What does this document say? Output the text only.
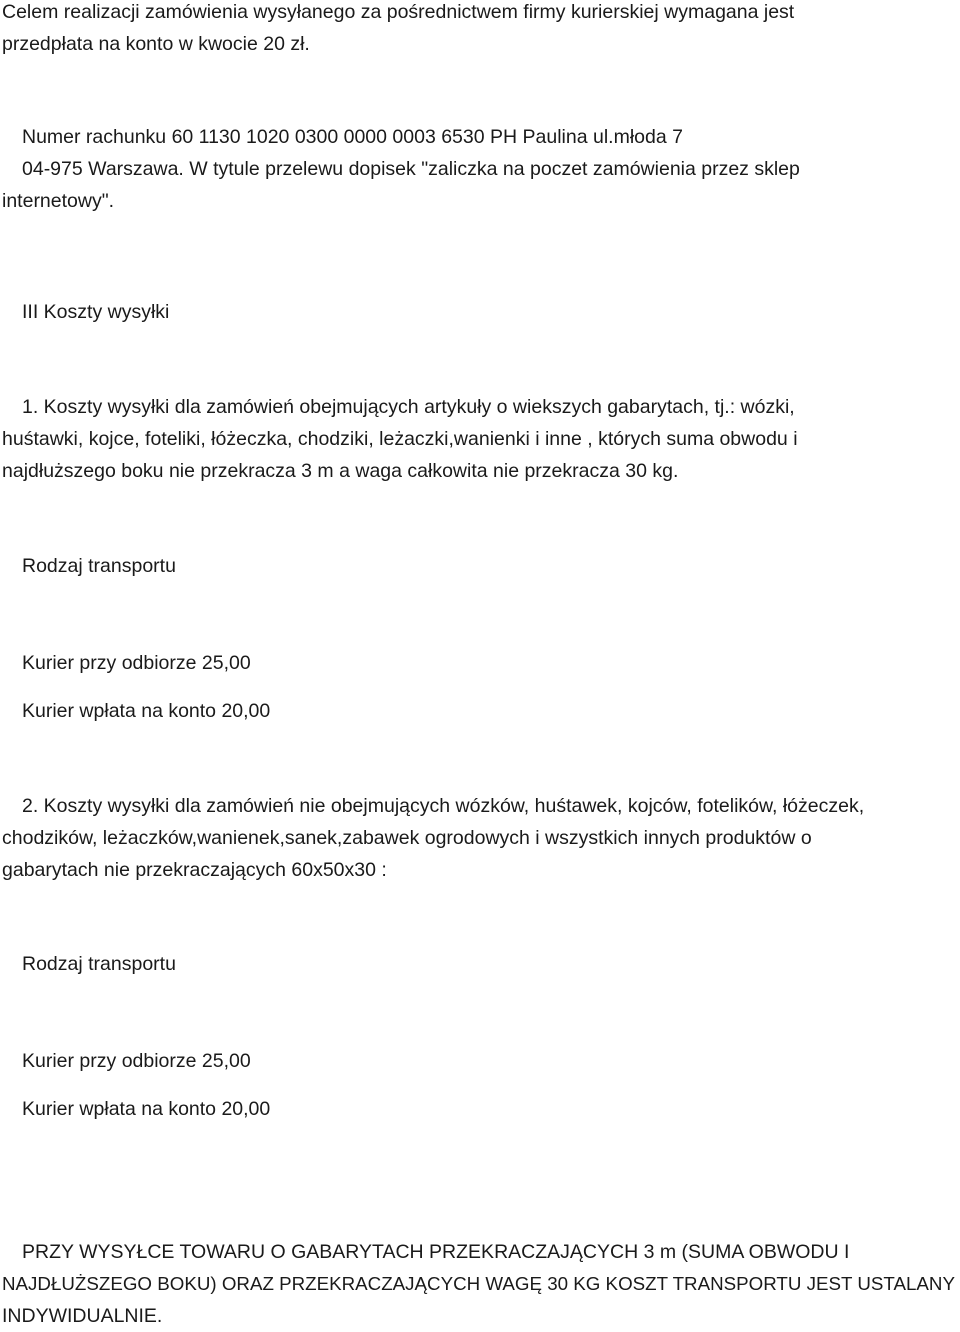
Celem realizacji zamówienia wysyłanego za pośrednictwem firmy kurierskiej wymagana jest
przedpłata na konto w kwocie 20 zł.

Numer rachunku 60 1130 1020 0300 0000 0003 6530 PH Paulina ul.młoda 7
04-975 Warszawa. W tytule przelewu dopisek "zaliczka na poczet zamówienia przez sklep
internetowy".

III Koszty wysyłki

1. Koszty wysyłki dla zamówień obejmujących artykuły o wiekszych gabarytach, tj.: wózki,
huśtawki, kojce, foteliki, łóżeczka, chodziki, leżaczki,wanienki i inne , których suma obwodu i
najdłuższego boku nie przekracza 3 m a waga całkowita nie przekracza 30 kg.

Rodzaj transportu

Kurier przy odbiorze 25,00

Kurier wpłata na konto 20,00

2. Koszty wysyłki dla zamówień nie obejmujących wózków, huśtawek, kojców, fotelików, łóżeczek,
chodzików, leżaczków,wanienek,sanek,zabawek ogrodowych i wszystkich innych produktów o
gabarytach nie przekraczających 60x50x30 :

Rodzaj transportu

Kurier przy odbiorze 25,00

Kurier wpłata na konto 20,00

PRZY WYSYŁCE TOWARU O GABARYTACH PRZEKRACZAJĄCYCH 3 m (SUMA OBWODU I
NAJDŁUŻSZEGO BOKU) ORAZ PRZEKRACZAJĄCYCH WAGĘ 30 KG KOSZT TRANSPORTU JEST USTALANY
INDYWIDUALNIE.
